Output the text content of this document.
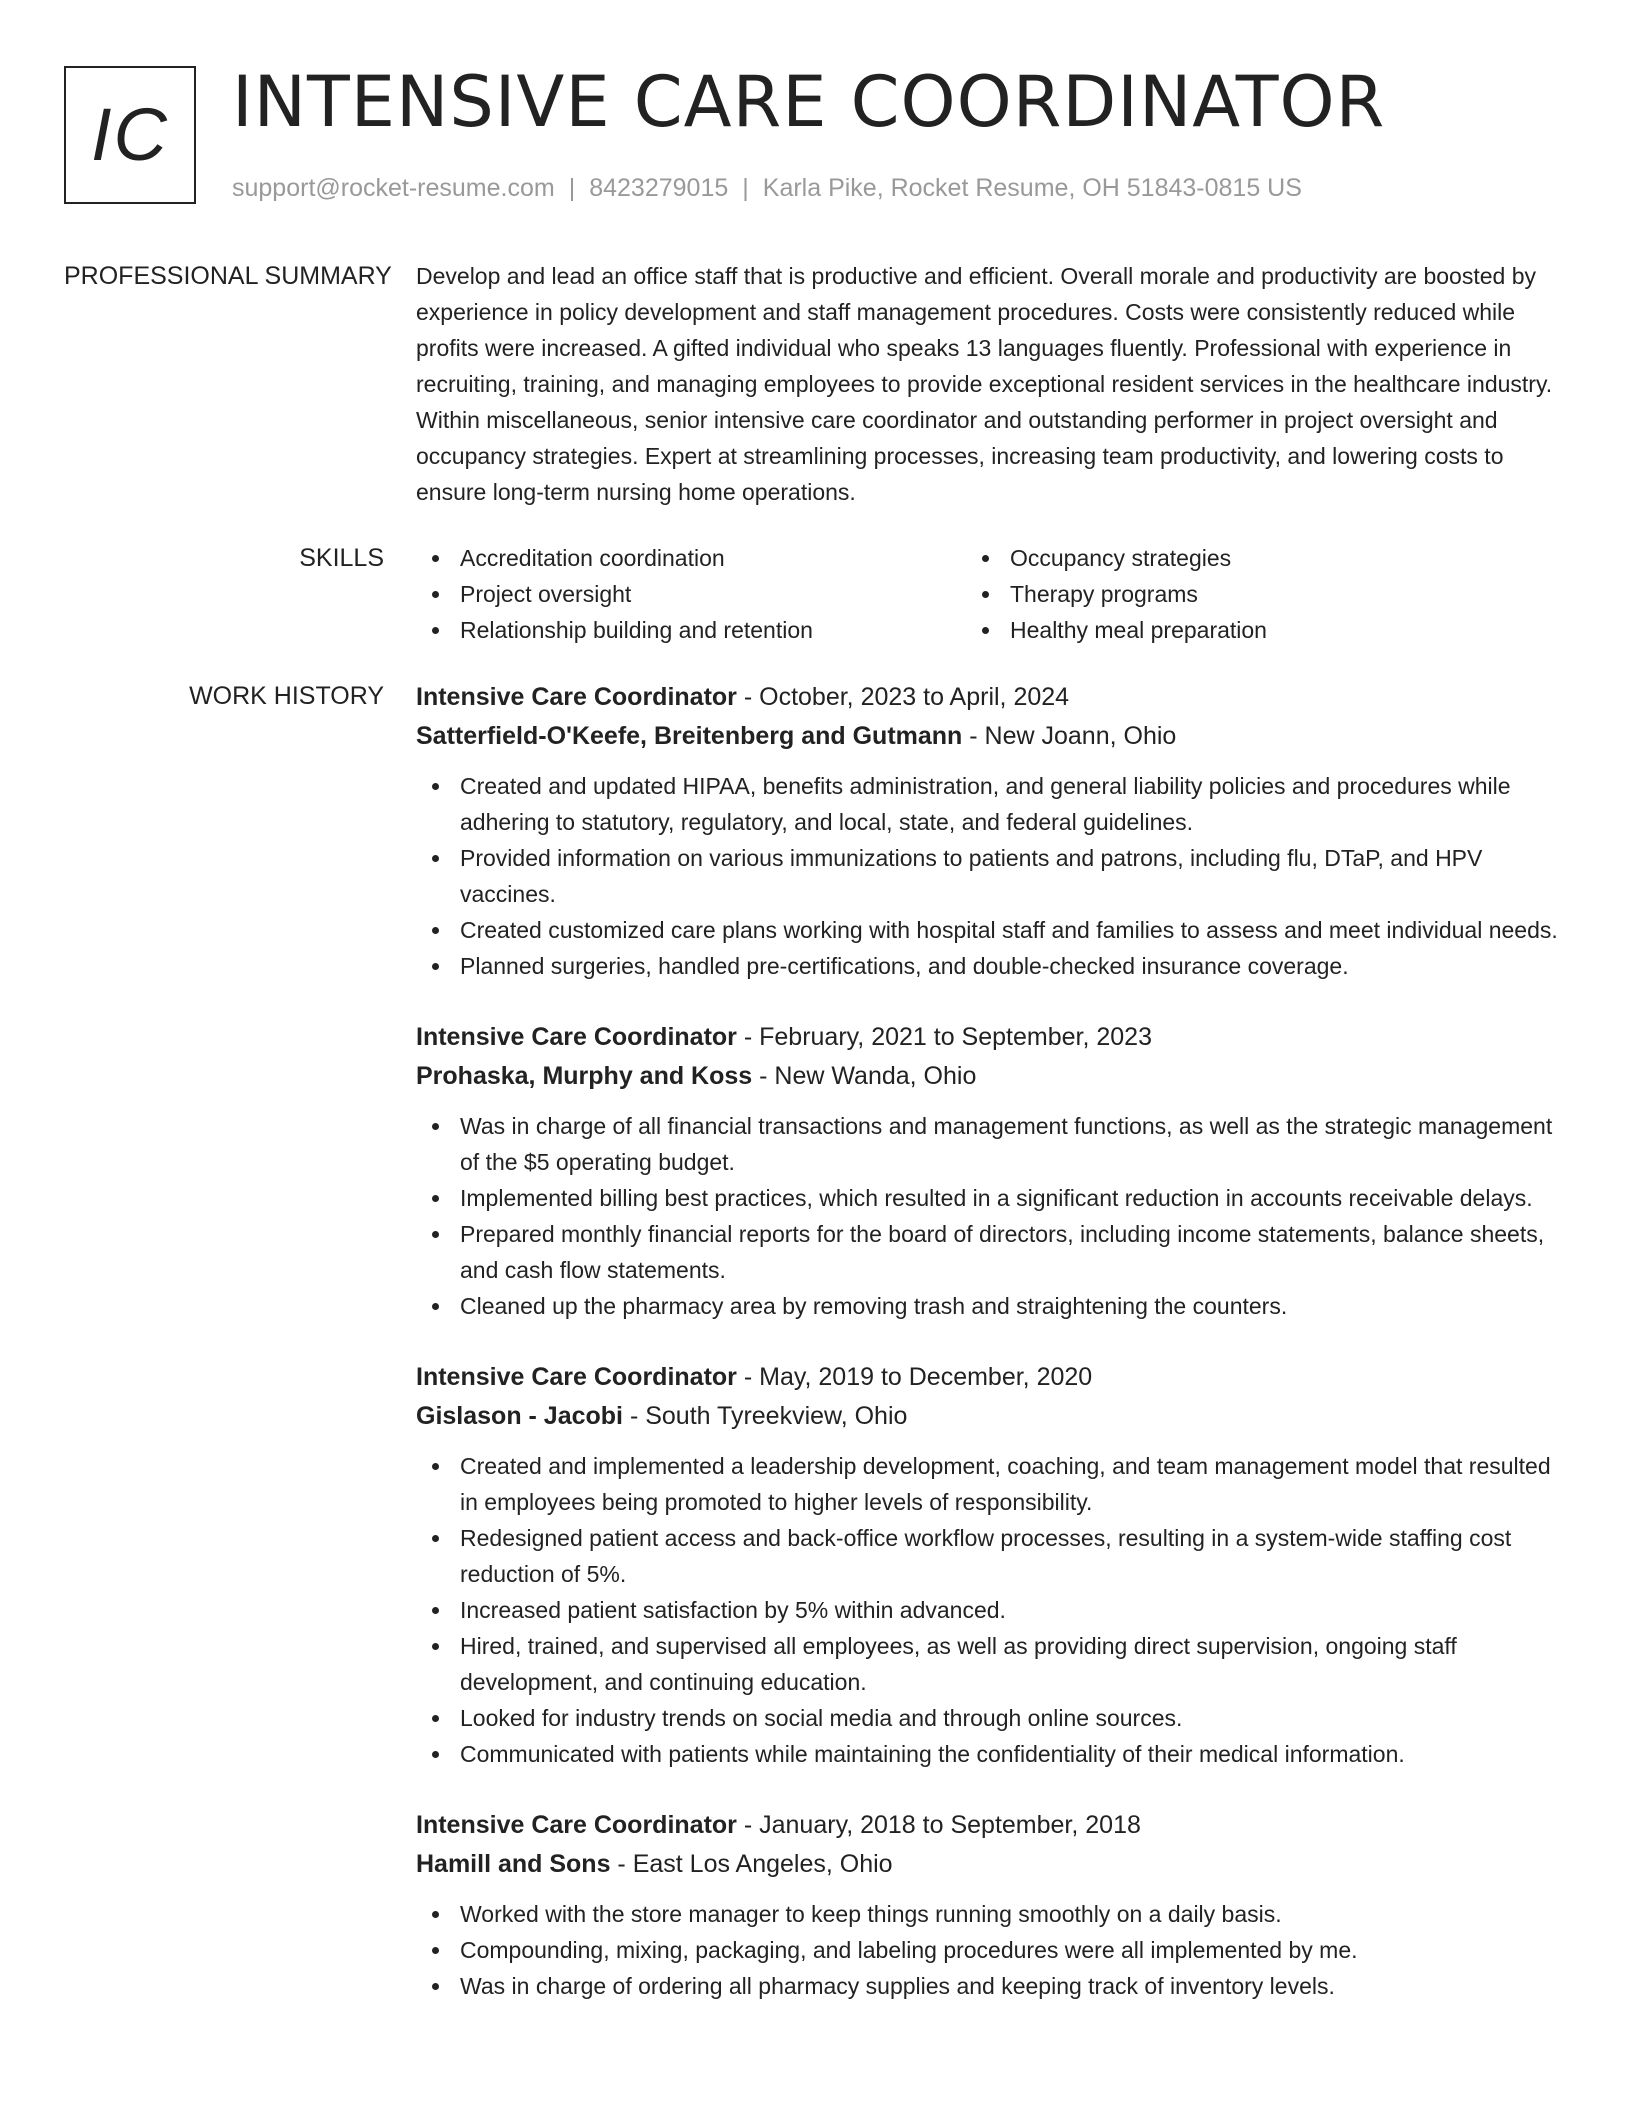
IC INTENSIVE CARE COORDINATOR
support@rocket-resume.com | 8423279015 | Karla Pike, Rocket Resume, OH 51843-0815 US
PROFESSIONAL SUMMARY	Develop and lead an office staff that is productive and efficient. Overall morale and productivity are boosted by experience in policy development and staff management procedures. Costs were consistently reduced while profits were increased. A gifted individual who speaks 13 languages fluently. Professional with experience in recruiting, training, and managing employees to provide exceptional resident services in the healthcare industry. Within miscellaneous, senior intensive care coordinator and outstanding performer in project oversight and occupancy strategies. Expert at streamlining processes, increasing team productivity, and lowering costs to ensure long-term nursing home operations.

SKILLS	Accreditation coordination	Occupancy strategies
Project oversight	Therapy programs
Relationship building and retention	Healthy meal preparation
WORK HISTORY	Intensive Care Coordinator - October, 2023 to April, 2024
Satterfield-O'Keefe, Breitenberg and Gutmann - New Joann, Ohio
Created and updated HIPAA, benefits administration, and general liability policies and procedures while adhering to statutory, regulatory, and local, state, and federal guidelines.
Provided information on various immunizations to patients and patrons, including flu, DTaP, and HPV vaccines.
Created customized care plans working with hospital staff and families to assess and meet individual needs.
Planned surgeries, handled pre-certifications, and double-checked insurance coverage.
Intensive Care Coordinator - February, 2021 to September, 2023
Prohaska, Murphy and Koss - New Wanda, Ohio
Was in charge of all financial transactions and management functions, as well as the strategic management of the $5 operating budget.
Implemented billing best practices, which resulted in a significant reduction in accounts receivable delays.
Prepared monthly financial reports for the board of directors, including income statements, balance sheets, and cash flow statements.
Cleaned up the pharmacy area by removing trash and straightening the counters.
Intensive Care Coordinator - May, 2019 to December, 2020
Gislason - Jacobi - South Tyreekview, Ohio
Created and implemented a leadership development, coaching, and team management model that resulted in employees being promoted to higher levels of responsibility.
Redesigned patient access and back-office workflow processes, resulting in a system-wide staffing cost reduction of 5%.
Increased patient satisfaction by 5% within advanced.
Hired, trained, and supervised all employees, as well as providing direct supervision, ongoing staff development, and continuing education.
Looked for industry trends on social media and through online sources.
Communicated with patients while maintaining the confidentiality of their medical information.
Intensive Care Coordinator - January, 2018 to September, 2018
Hamill and Sons - East Los Angeles, Ohio
Worked with the store manager to keep things running smoothly on a daily basis.
Compounding, mixing, packaging, and labeling procedures were all implemented by me.
Was in charge of ordering all pharmacy supplies and keeping track of inventory levels.
